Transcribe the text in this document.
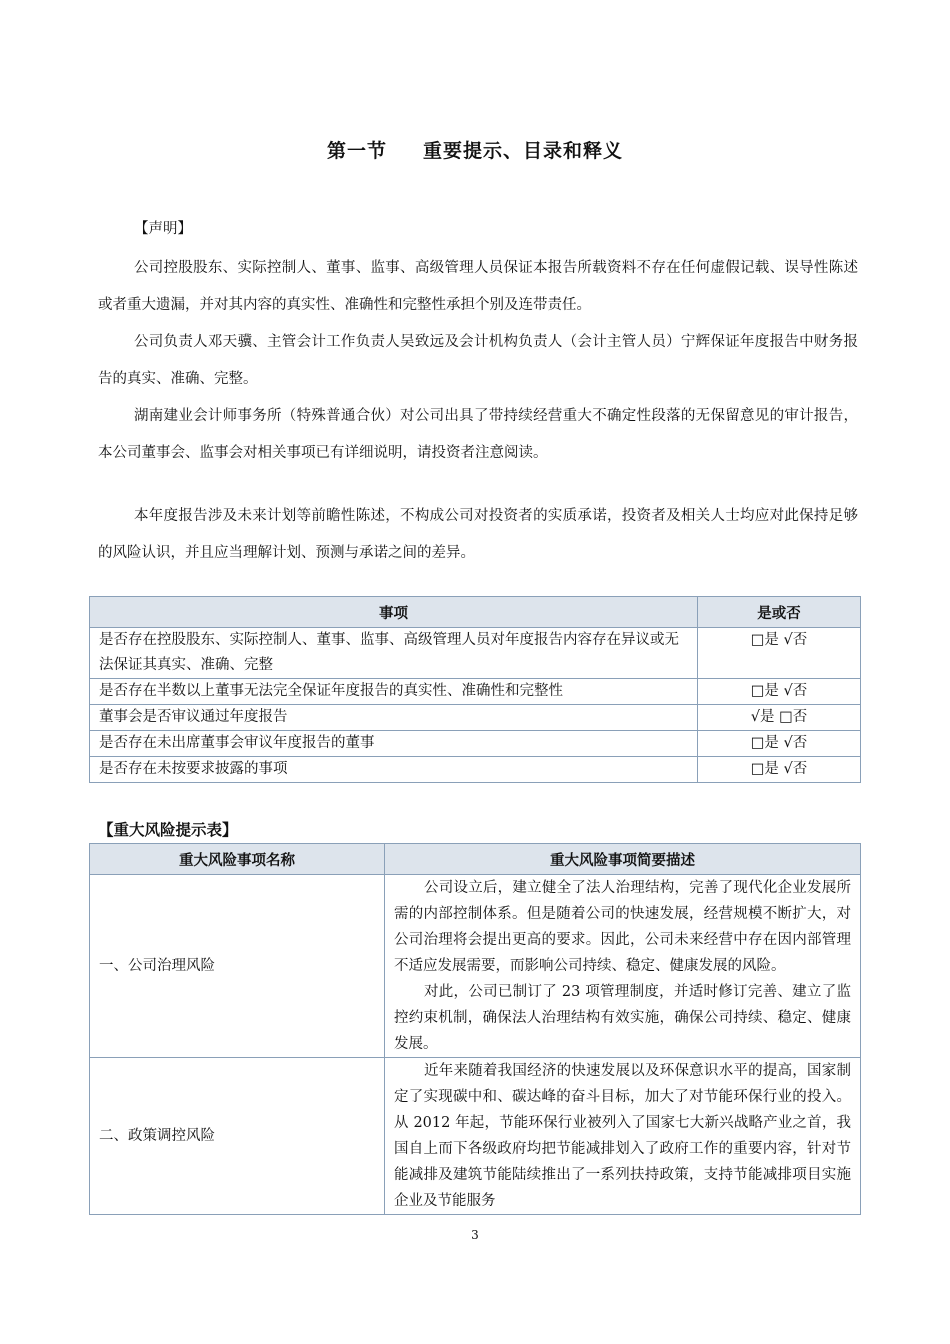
第一节 重要提示、目录和释义
【声明】
公司控股股东、实际控制人、董事、监事、高级管理人员保证本报告所载资料不存在任何虚假记载、误导性陈述或者重大遗漏，并对其内容的真实性、准确性和完整性承担个别及连带责任。
公司负责人邓天骥、主管会计工作负责人吴致远及会计机构负责人（会计主管人员）宁辉保证年度报告中财务报告的真实、准确、完整。
湖南建业会计师事务所（特殊普通合伙）对公司出具了带持续经营重大不确定性段落的无保留意见的审计报告，本公司董事会、监事会对相关事项已有详细说明，请投资者注意阅读。
本年度报告涉及未来计划等前瞻性陈述，不构成公司对投资者的实质承诺，投资者及相关人士均应对此保持足够的风险认识，并且应当理解计划、预测与承诺之间的差异。
事项	是或否
是否存在控股股东、实际控制人、董事、监事、高级管理人员对年度报告内容存在异议或无法保证其真实、准确、完整	□是 √否
是否存在半数以上董事无法完全保证年度报告的真实性、准确性和完整性	□是 √否
董事会是否审议通过年度报告	√是 □否
是否存在未出席董事会审议年度报告的董事	□是 √否
是否存在未按要求披露的事项	□是 √否
【重大风险提示表】
重大风险事项名称	重大风险事项简要描述
一、公司治理风险	公司设立后，建立健全了法人治理结构，完善了现代化企业发展所需的内部控制体系。但是随着公司的快速发展，经营规模不断扩大，对公司治理将会提出更高的要求。因此，公司未来经营中存在因内部管理不适应发展需要，而影响公司持续、稳定、健康发展的风险。

对此，公司已制订了 23 项管理制度，并适时修订完善、建立了监控约束机制，确保法人治理结构有效实施，确保公司持续、稳定、健康发展。

二、政策调控风险	近年来随着我国经济的快速发展以及环保意识水平的提高，国家制定了实现碳中和、碳达峰的奋斗目标，加大了对节能环保行业的投入。从 2012 年起，节能环保行业被列入了国家七大新兴战略产业之首，我国自上而下各级政府均把节能减排划入了政府工作的重要内容，针对节能减排及建筑节能陆续推出了一系列扶持政策，支持节能减排项目实施企业及节能服务

3
